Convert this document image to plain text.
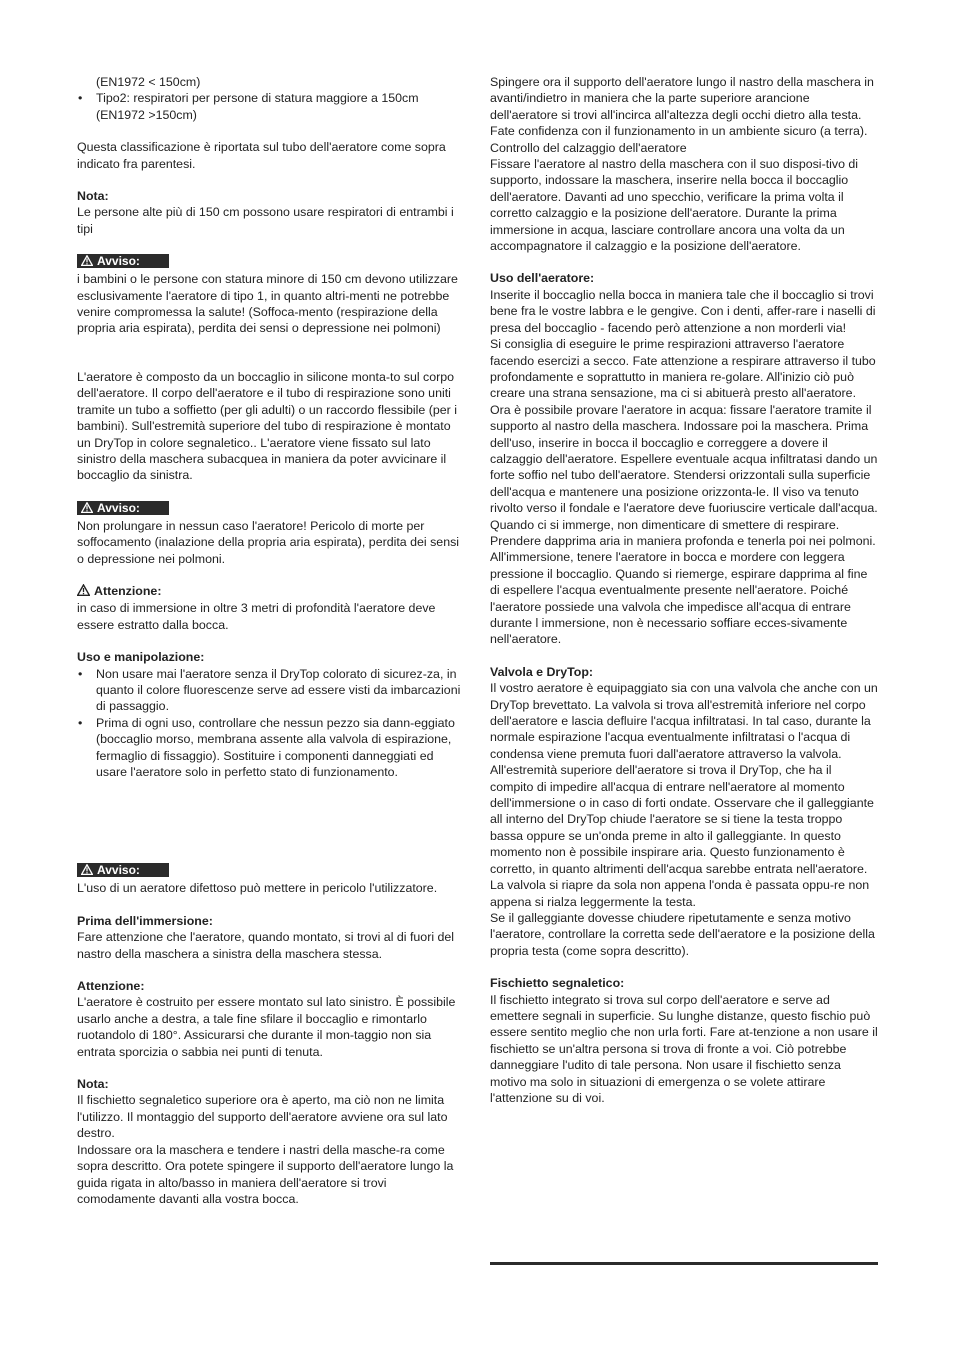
(EN1972 < 150cm)

• Tipo2: respiratori per persone di statura maggiore a 150cm (EN1972 >150cm)

Questa classificazione è riportata sul tubo dell'aeratore come sopra indicato fra parentesi.

Nota:

Le persone alte più di 150 cm possono usare respiratori di entrambi i tipi

Avviso:

i bambini o le persone con statura minore di 150 cm devono utilizzare esclusivamente l'aeratore di tipo 1, in quanto altri-menti ne potrebbe venire compromessa la salute! (Soffoca-mento (respirazione della propria aria espirata), perdita dei sensi o depressione nei polmoni)

L'aeratore è composto da un boccaglio in silicone monta-to sul corpo dell'aeratore. Il corpo dell'aeratore e il tubo di respirazione sono uniti tramite un tubo a soffietto (per gli adulti) o un raccordo flessibile (per i bambini). Sull'estremità superiore del tubo di respirazione è montato un DryTop in colore segnaletico.. L'aeratore viene fissato sul lato sinistro della maschera subacquea in maniera da poter avvicinare il boccaglio da sinistra.

Avviso:

Non prolungare in nessun caso l'aeratore! Pericolo di morte per soffocamento (inalazione della propria aria espirata), perdita dei sensi o depressione nei polmoni.

Attenzione:

in caso di immersione in oltre 3 metri di profondità l'aeratore deve essere estratto dalla bocca.

Uso e manipolazione:

• Non usare mai l'aeratore senza il DryTop colorato di sicurez-za, in quanto il colore fluorescenze serve ad essere visti da imbarcazioni di passaggio.
• Prima di ogni uso, controllare che nessun pezzo sia dann-eggiato (boccaglio morso, membrana assente alla valvola di espirazione, fermaglio di fissaggio). Sostituire i componenti danneggiati ed usare l'aeratore solo in perfetto stato di funzionamento.
Avviso:

L'uso di un aeratore difettoso può mettere in pericolo l'utilizzatore.

Prima dell'immersione:

Fare attenzione che l'aeratore, quando montato, si trovi al di fuori del nastro della maschera a sinistra della maschera stessa.

Attenzione:

L'aeratore è costruito per essere montato sul lato sinistro. È possibile usarlo anche a destra, a tale fine sfilare il boccaglio e rimontarlo ruotandolo di 180°. Assicurarsi che durante il mon-taggio non sia entrata sporcizia o sabbia nei punti di tenuta.

Nota:

Il fischietto segnaletico superiore ora è aperto, ma ciò non ne limita l'utilizzo. Il montaggio del supporto dell'aeratore avviene ora sul lato destro.

Indossare ora la maschera e tendere i nastri della masche-ra come sopra descritto. Ora potete spingere il supporto dell'aeratore lungo la guida rigata in alto/basso in maniera dell'aeratore si trovi comodamente davanti alla vostra bocca.

Spingere ora il supporto dell'aeratore lungo il nastro della maschera in avanti/indietro in maniera che la parte superiore arancione dell'aeratore si trovi all'incirca all'altezza degli occhi dietro alla testa.

Fate confidenza con il funzionamento in un ambiente sicuro (a terra). Controllo del calzaggio dell'aeratore

Fissare l'aeratore al nastro della maschera con il suo disposi-tivo di supporto, indossare la maschera, inserire nella bocca il boccaglio dell'aeratore. Davanti ad uno specchio, verificare la prima volta il corretto calzaggio e la posizione dell'aeratore. Durante la prima immersione in acqua, lasciare controllare ancora una volta da un accompagnatore il calzaggio e la posizione dell'aeratore.

Uso dell'aeratore:

Inserite il boccaglio nella bocca in maniera tale che il boccaglio si trovi bene fra le vostre labbra e le gengive. Con i denti, affer-rare i naselli di presa del boccaglio - facendo però attenzione a non morderli via!

Si consiglia di eseguire le prime respirazioni attraverso l'aeratore facendo esercizi a secco. Fate attenzione a respirare attraverso il tubo profondamente e soprattutto in maniera re-golare. All'inizio ciò può creare una strana sensazione, ma ci si abituerà presto all'aeratore. Ora è possibile provare l'aeratore in acqua: fissare l'aeratore tramite il supporto al nastro della maschera. Indossare poi la maschera. Prima dell'uso, inserire in bocca il boccaglio e correggere a dovere il calzaggio dell'aeratore. Espellere eventuale acqua infiltratasi dando un forte soffio nel tubo dell'aeratore. Stendersi orizzontali sulla superficie dell'acqua e mantenere una posizione orizzonta-le. Il viso va tenuto rivolto verso il fondale e l'aeratore deve fuoriuscire verticale dall'acqua. Quando ci si immerge, non dimenticare di smettere di respirare. Prendere dapprima aria in maniera profonda e tenerla poi nei polmoni. All'immersione, tenere l'aeratore in bocca e mordere con leggera pressione il boccaglio. Quando si riemerge, espirare dapprima al fine di espellere l'acqua eventualmente presente nell'aeratore. Poiché l'aeratore possiede una valvola che impedisce all'acqua di entrare durante l immersione, non è necessario soffiare ecces-sivamente nell'aeratore.

Valvola e DryTop:

Il vostro aeratore è equipaggiato sia con una valvola che anche con un DryTop brevettato. La valvola si trova all'estremità inferiore nel corpo dell'aeratore e lascia defluire l'acqua infiltratasi. In tal caso, durante la normale espirazione l'acqua eventualmente infiltratasi o l'acqua di condensa viene premuta fuori dall'aeratore attraverso la valvola.

All'estremità superiore dell'aeratore si trova il DryTop, che ha il compito di impedire all'acqua di entrare nell'aeratore al momento dell'immersione o in caso di forti ondate. Osservare che il galleggiante all interno del DryTop chiude l'aeratore se si tiene la testa troppo bassa oppure se un'onda preme in alto il galleggiante. In questo momento non è possibile inspirare aria. Questo funzionamento è corretto, in quanto altrimenti dell'acqua sarebbe entrata nell'aeratore.

La valvola si riapre da sola non appena l'onda è passata oppu-re non appena si rialza leggermente la testa.

Se il galleggiante dovesse chiudere ripetutamente e senza motivo l'aeratore, controllare la corretta sede dell'aeratore e la posizione della propria testa (come sopra descritto).

Fischietto segnaletico:

Il fischietto integrato si trova sul corpo dell'aeratore e serve ad emettere segnali in superficie. Su lunghe distanze, questo fischio può essere sentito meglio che non urla forti. Fare at-tenzione a non usare il fischietto se un'altra persona si trova di fronte a voi. Ciò potrebbe danneggiare l'udito di tale persona. Non usare il fischietto senza motivo ma solo in situazioni di emergenza o se volete attirare l'attenzione su di voi.
